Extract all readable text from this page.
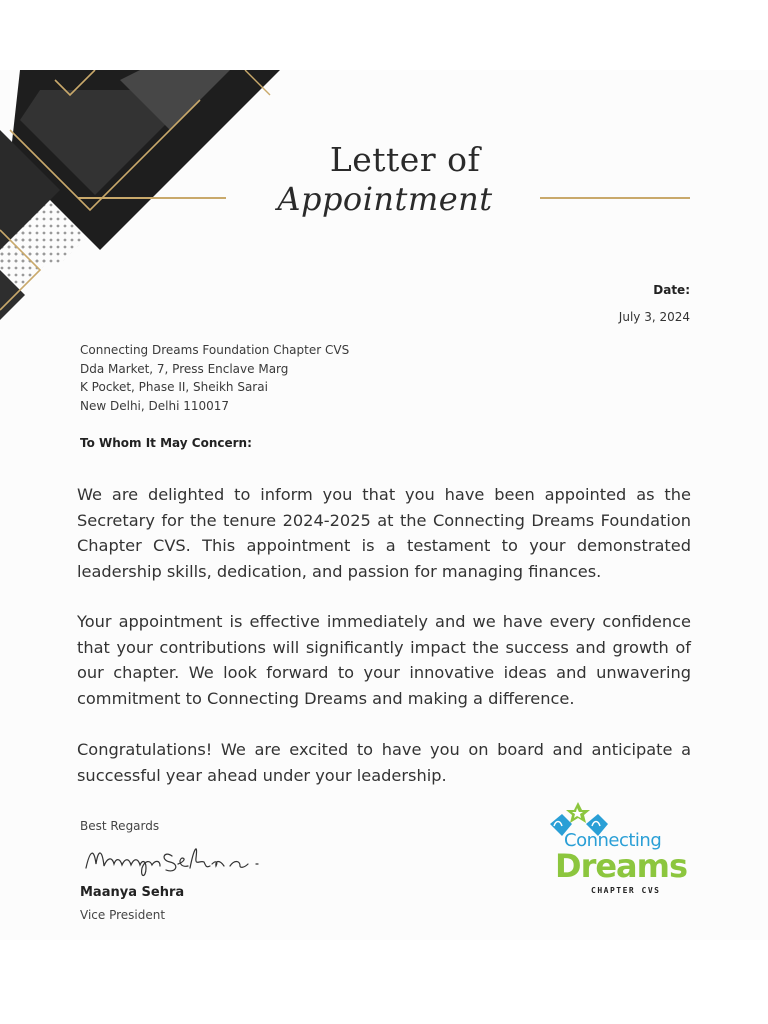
Letter of
Appointment
Date:
July 3, 2024
Connecting Dreams Foundation Chapter CVS
Dda Market, 7, Press Enclave Marg
K Pocket, Phase II, Sheikh Sarai
New Delhi, Delhi 110017
To Whom It May Concern:

We are delighted to inform you that you have been appointed as the Secretary for the tenure 2024-2025 at the Connecting Dreams Foundation Chapter CVS. This appointment is a testament to your demonstrated leadership skills, dedication, and passion for managing finances.

Your appointment is effective immediately and we have every confidence that your contributions will significantly impact the success and growth of our chapter. We look forward to your innovative ideas and unwavering commitment to Connecting Dreams and making a difference.

Congratulations! We are excited to have you on board and anticipate a successful year ahead under your leadership.

Best Regards
Maanya Sehra
Vice President
Connecting
Dreams
CHAPTER CVS
